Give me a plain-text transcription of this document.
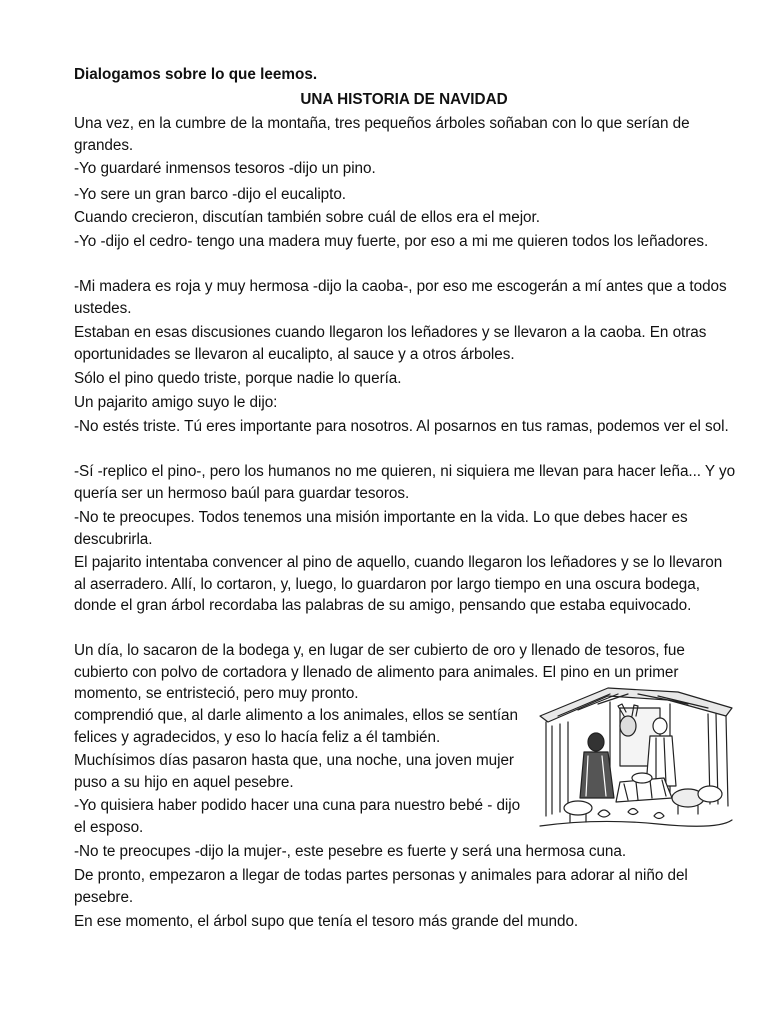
Dialogamos sobre lo que leemos.

UNA HISTORIA DE NAVIDAD

Una vez, en la cumbre de la montaña, tres pequeños árboles soñaban con lo que serían de grandes.

-Yo guardaré inmensos tesoros -dijo un pino.

-Yo sere un gran barco -dijo el eucalipto.

Cuando crecieron, discutían también sobre cuál de ellos era el mejor.

-Yo -dijo el cedro- tengo una madera muy fuerte, por eso a mi me quieren todos los leñadores.

-Mi madera es roja y muy hermosa -dijo la caoba-, por eso me escogerán a mí antes que a todos ustedes.

Estaban en esas discusiones cuando llegaron los leñadores y se llevaron a la caoba. En otras oportunidades se llevaron al eucalipto, al sauce y a otros árboles.

Sólo el pino quedo triste, porque nadie lo quería.

Un pajarito amigo suyo le dijo:

-No estés triste. Tú eres importante para nosotros. Al posarnos en tus ramas, podemos ver el sol.

-Sí -replico el pino-, pero los humanos no me quieren, ni siquiera me llevan para hacer leña... Y yo quería ser un hermoso baúl para guardar tesoros.

-No te preocupes. Todos tenemos una misión importante en la vida. Lo que debes hacer es descubrirla.

El pajarito intentaba convencer al pino de aquello, cuando llegaron los leñadores y se lo llevaron al aserradero. Allí, lo cortaron, y, luego, lo guardaron por largo tiempo en una oscura bodega, donde el gran árbol recordaba las palabras de su amigo, pensando que estaba equivocado.

Un día, lo sacaron de la bodega y, en lugar de ser cubierto de oro y llenado de tesoros, fue cubierto con polvo de cortadora y llenado de alimento para animales. El pino en un primer momento, se entristeció, pero muy pronto.

comprendió que, al darle alimento a los animales, ellos se sentían felices y agradecidos, y eso lo hacía feliz a él también.

Muchísimos días pasaron hasta que, una noche, una joven mujer puso a su hijo en aquel pesebre.

-Yo quisiera haber podido hacer una cuna para nuestro bebé - dijo el esposo.

-No te preocupes -dijo la mujer-, este pesebre es fuerte y será una hermosa cuna.

De pronto, empezaron a llegar de todas partes personas y animales para adorar al niño del pesebre.

En ese momento, el árbol supo que tenía el tesoro más grande del mundo.
